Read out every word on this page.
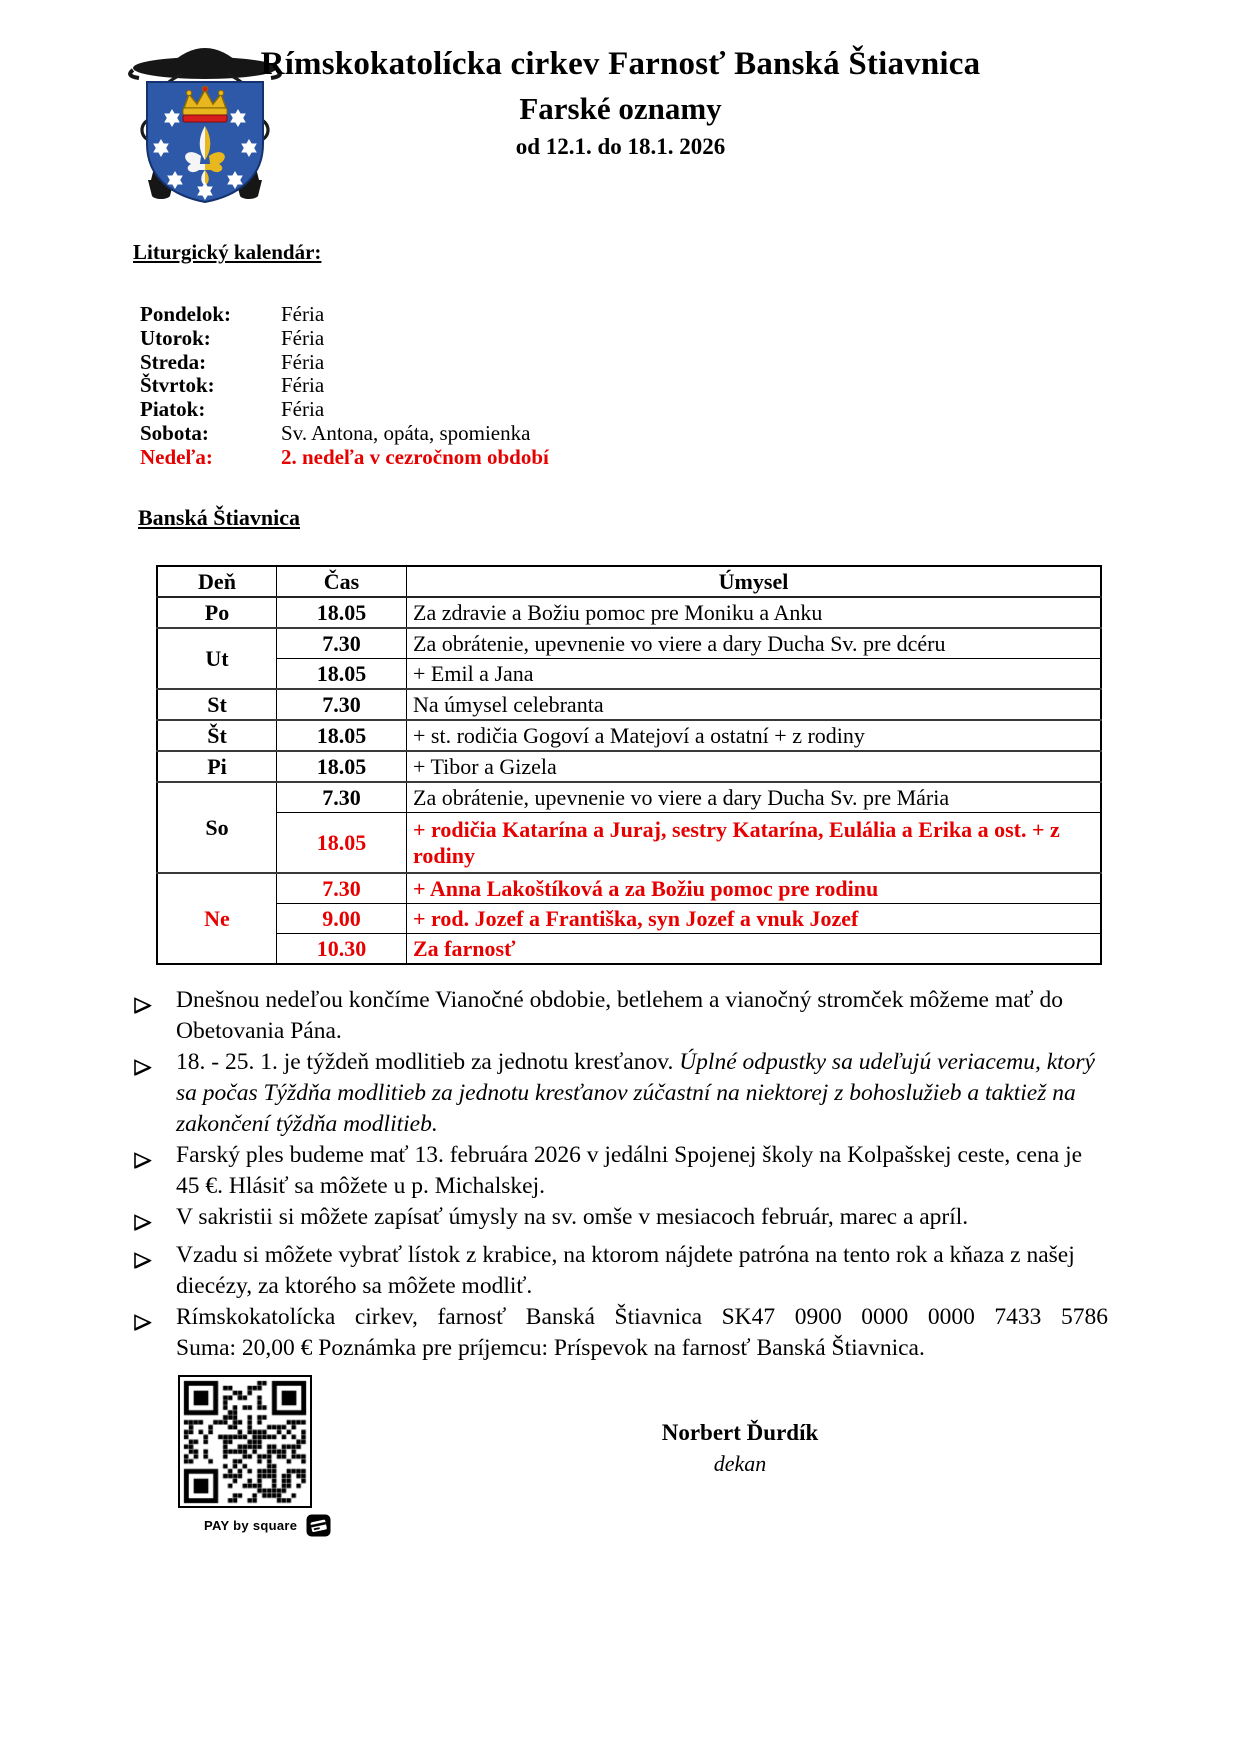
Rímskokatolícka cirkev Farnosť Banská Štiavnica
Farské oznamy
od 12.1. do 18.1. 2026
Liturgický kalendár:
Pondelok:	Féria
Utorok:	Féria
Streda:	Féria
Štvrtok:	Féria
Piatok:	Féria
Sobota:	Sv. Antona, opáta, spomienka
Nedeľa:	2. nedeľa v cezročnom období
Banská Štiavnica
Deň	Čas	Úmysel
Po	18.05	Za zdravie a Božiu pomoc pre Moniku a Anku
Ut	7.30	Za obrátenie, upevnenie vo viere a dary Ducha Sv. pre dcéru
	18.05	+ Emil a Jana
St	7.30	Na úmysel celebranta
Št	18.05	+ st. rodičia Gogoví a Matejoví a ostatní + z rodiny
Pi	18.05	+ Tibor a Gizela
So	7.30	Za obrátenie, upevnenie vo viere a dary Ducha Sv. pre Mária
	18.05	+ rodičia Katarína a Juraj, sestry Katarína, Eulália a Erika a ost. + z rodiny
Ne	7.30	+ Anna Lakoštíková a za Božiu pomoc pre rodinu
	9.00	+ rod. Jozef a Františka, syn Jozef a vnuk Jozef
	10.30	Za farnosť
Dnešnou nedeľou končíme Vianočné obdobie, betlehem a vianočný stromček môžeme mať do Obetovania Pána.
18. - 25. 1. je týždeň modlitieb za jednotu kresťanov. Úplné odpustky sa udeľujú veriacemu, ktorý sa počas Týždňa modlitieb za jednotu kresťanov zúčastní na niektorej z bohoslužieb a taktiež na zakončení týždňa modlitieb.
Farský ples budeme mať 13. februára 2026 v jedálni Spojenej školy na Kolpašskej ceste, cena je 45 €. Hlásiť sa môžete u p. Michalskej.
V sakristii si môžete zapísať úmysly na sv. omše v mesiacoch február, marec a apríl.
Vzadu si môžete vybrať lístok z krabice, na ktorom nájdete patróna na tento rok a kňaza z našej diecézy, za ktorého sa môžete modliť.
Rímskokatolícka cirkev, farnosť Banská Štiavnica SK47 0900 0000 0000 7433 5786
Suma: 20,00 € Poznámka pre príjemcu: Príspevok na farnosť Banská Štiavnica.
PAY by square
Norbert Ďurdík
dekan
